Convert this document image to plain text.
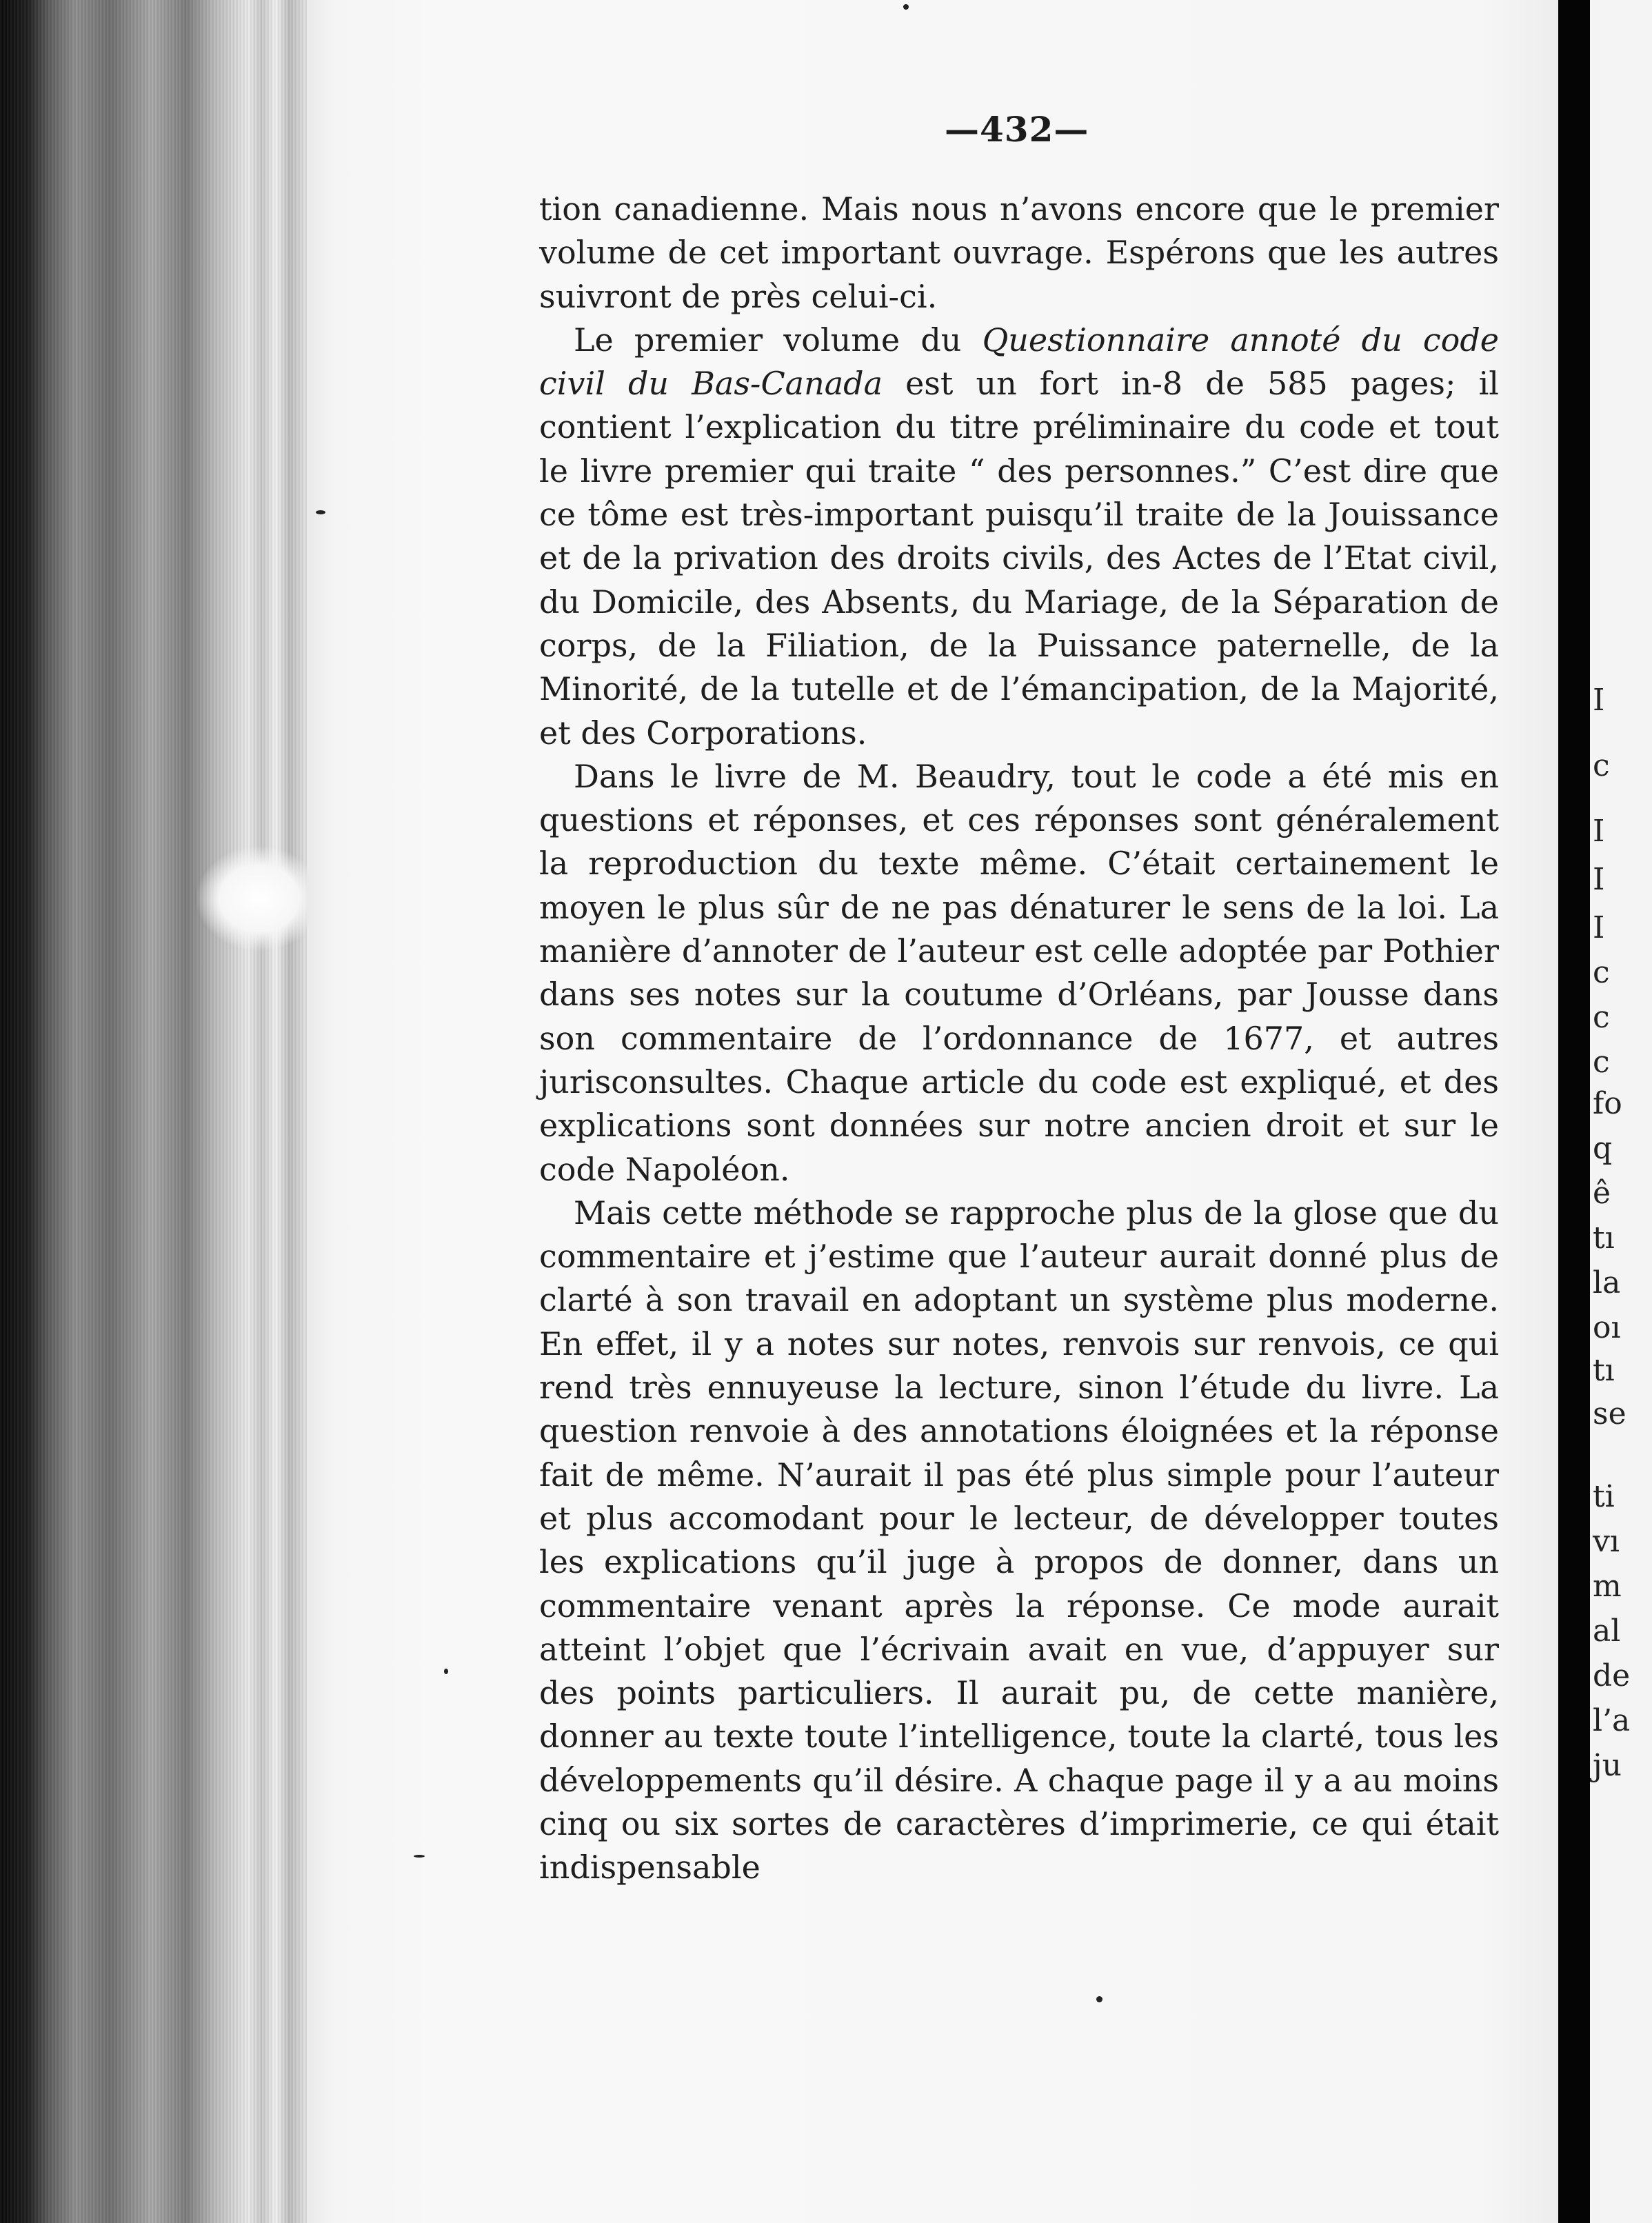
—432—

tion canadienne. Mais nous n’avons encore que le premier volume de cet important ouvrage. Espérons que les autres suivront de près celui-ci.

Le premier volume du Questionnaire annoté du code civil du Bas-Canada est un fort in-8 de 585 pages; il contient l’explication du titre préliminaire du code et tout le livre premier qui traite “ des personnes.” C’est dire que ce tôme est très-important puisqu’il traite de la Jouissance et de la privation des droits civils, des Actes de l’Etat civil, du Domicile, des Absents, du Mariage, de la Séparation de corps, de la Filiation, de la Puissance paternelle, de la Minorité, de la tutelle et de l’émancipation, de la Majorité, et des Corporations.

Dans le livre de M. Beaudry, tout le code a été mis en questions et réponses, et ces réponses sont généralement la reproduction du texte même. C’était certainement le moyen le plus sûr de ne pas dénaturer le sens de la loi. La manière d’annoter de l’auteur est celle adoptée par Pothier dans ses notes sur la coutume d’Orléans, par Jousse dans son commentaire de l’ordonnance de 1677, et autres jurisconsultes. Chaque article du code est expliqué, et des explications sont données sur notre ancien droit et sur le code Napoléon.

Mais cette méthode se rapproche plus de la glose que du commentaire et j’estime que l’auteur aurait donné plus de clarté à son travail en adoptant un système plus moderne. En effet, il y a notes sur notes, renvois sur renvois, ce qui rend très ennuyeuse la lecture, sinon l’étude du livre. La question renvoie à des annotations éloignées et la réponse fait de même. N’aurait il pas été plus simple pour l’auteur et plus accomodant pour le lecteur, de développer toutes les explications qu’il juge à propos de donner, dans un commentaire venant après la réponse. Ce mode aurait atteint l’objet que l’écrivain avait en vue, d’appuyer sur des points particuliers. Il aurait pu, de cette manière, donner au texte toute l’intelligence, toute la clarté, tous les développements qu’il désire. A chaque page il y a au moins cinq ou six sortes de caractères d’imprimerie, ce qui était indispensable

I
c
I
I
I
c
c
c
fo
q
ê
tı
la
oı
tı
se
ti
vı
m
al
de
l’a
ju
